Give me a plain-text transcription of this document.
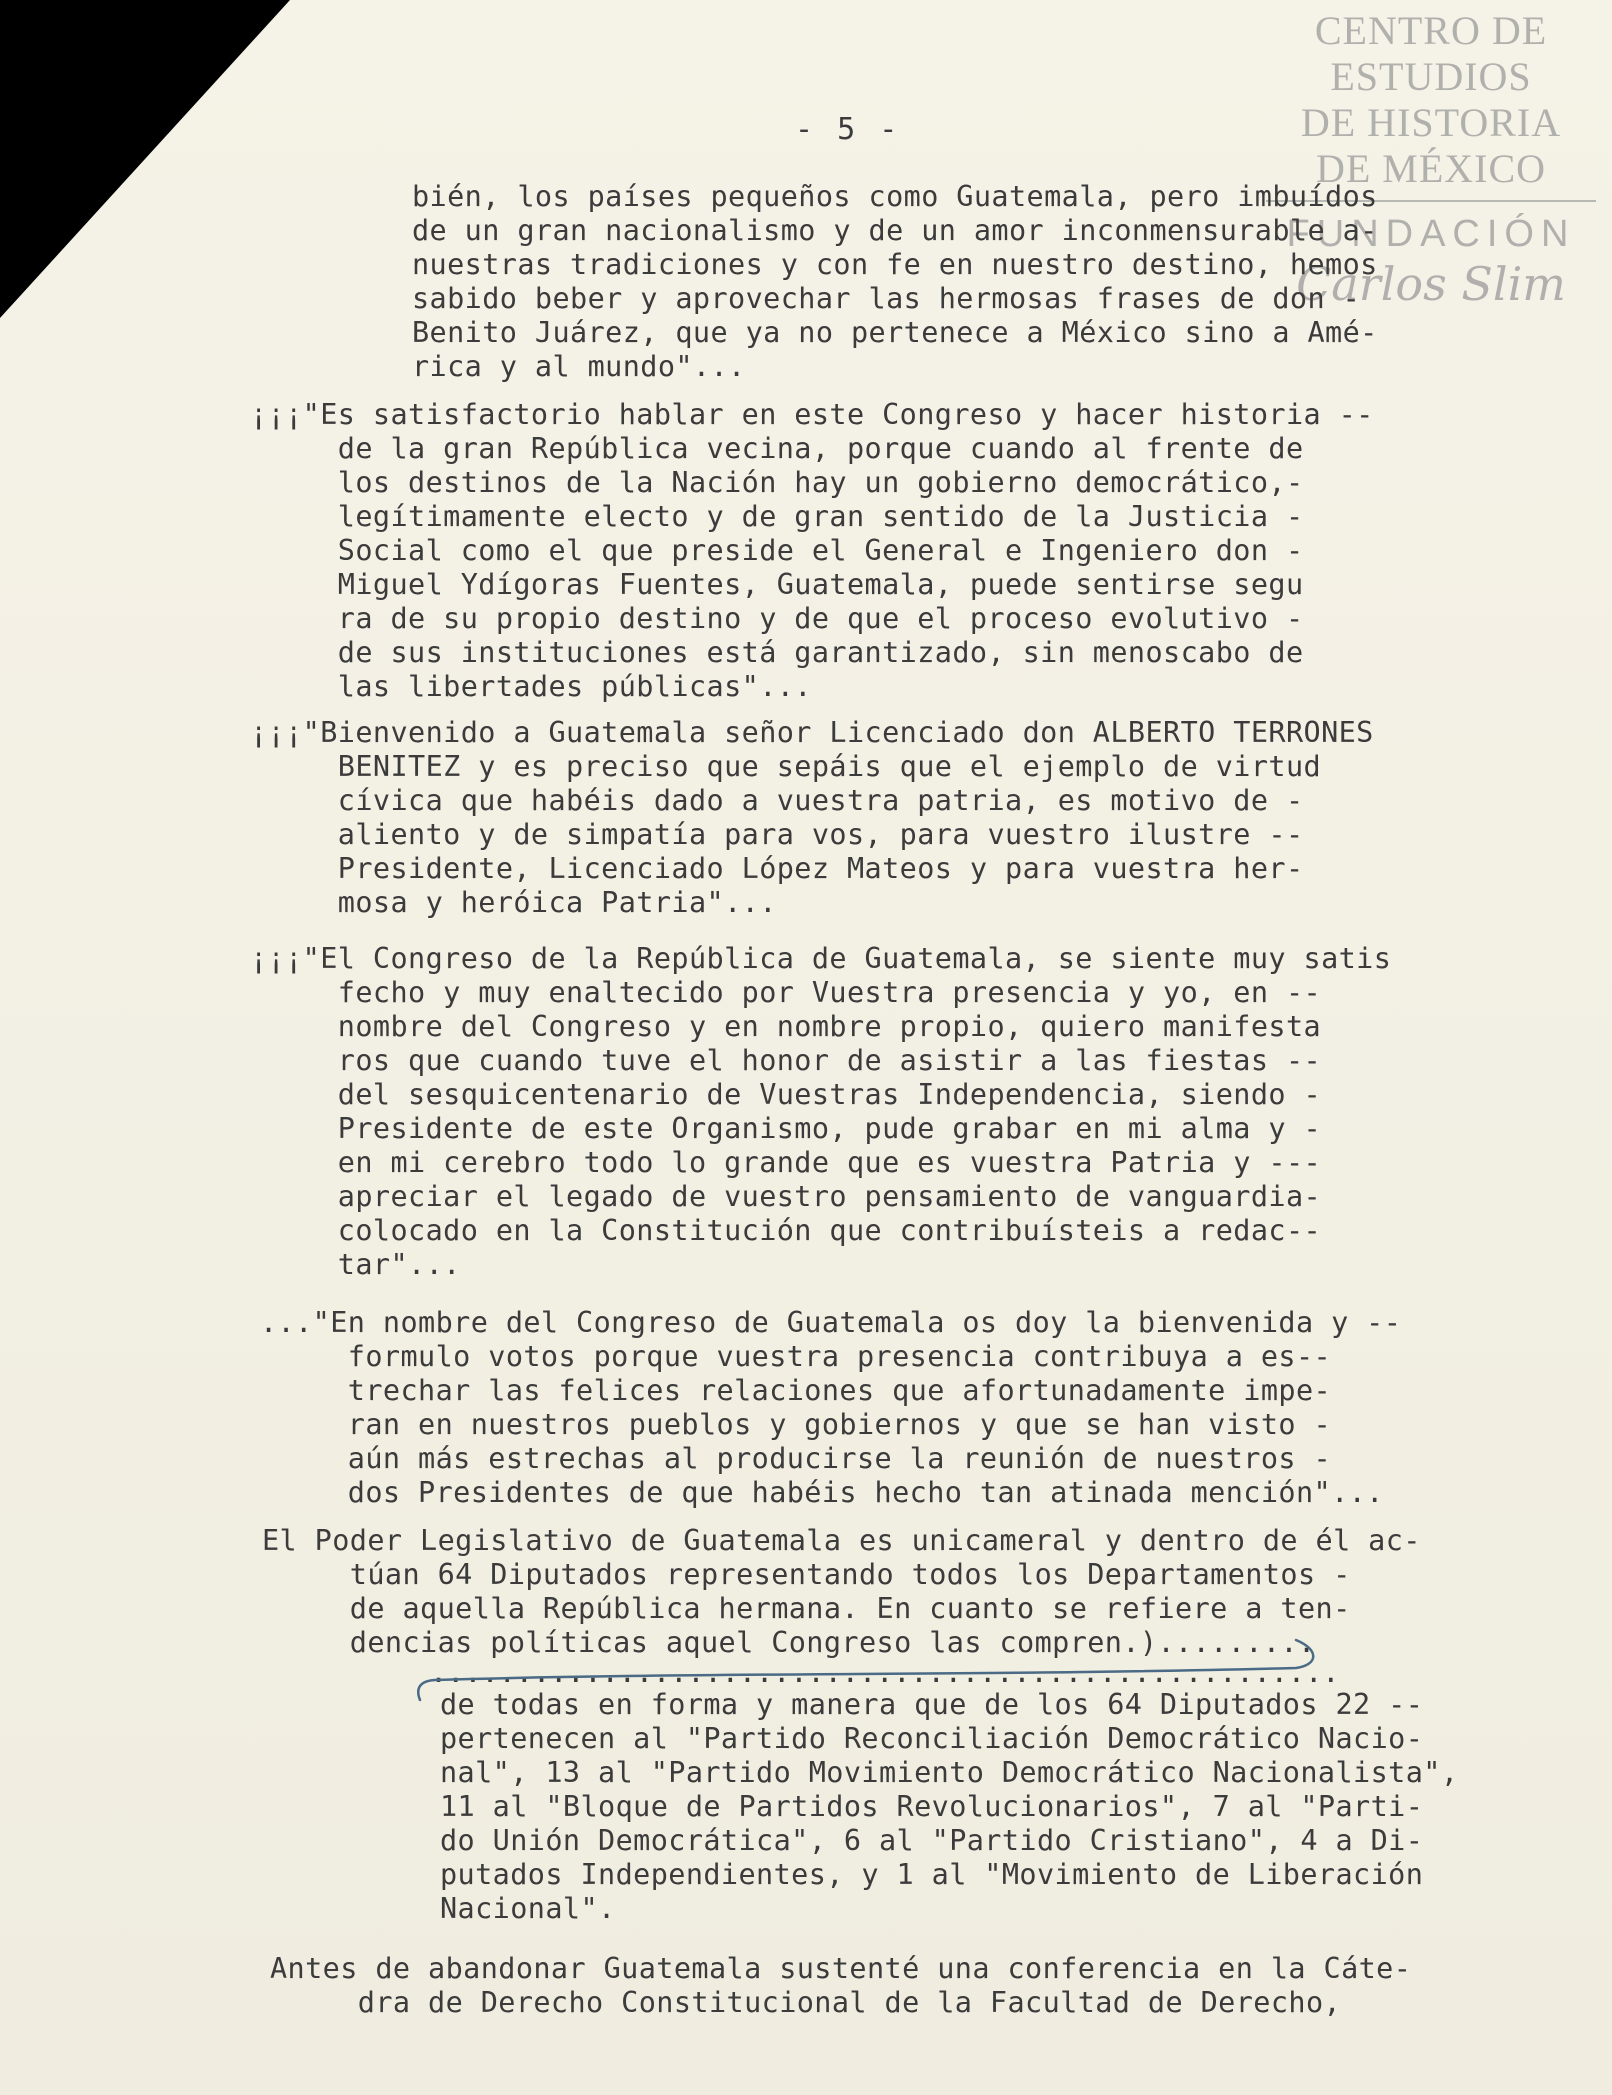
CENTRO DE
ESTUDIOS
DE HISTORIA
DE MÉXICO
FUNDACIÓN
Carlos Slim
- 5 -
bién, los países pequeños como Guatemala, pero imbuídos
de un gran nacionalismo y de un amor inconmensurable a-
nuestras tradiciones y con fe en nuestro destino, hemos
sabido beber y aprovechar las hermosas frases de don -
Benito Juárez, que ya no pertenece a México sino a Amé-
rica y al mundo"...
¡¡¡"Es satisfactorio hablar en este Congreso y hacer historia --
de la gran República vecina, porque cuando al frente de
los destinos de la Nación hay un gobierno democrático,-
legítimamente electo y de gran sentido de la Justicia -
Social como el que preside el General e Ingeniero don -
Miguel Ydígoras Fuentes, Guatemala, puede sentirse segu
ra de su propio destino y de que el proceso evolutivo -
de sus instituciones está garantizado, sin menoscabo de
las libertades públicas"...
¡¡¡"Bienvenido a Guatemala señor Licenciado don ALBERTO TERRONES
BENITEZ y es preciso que sepáis que el ejemplo de virtud
cívica que habéis dado a vuestra patria, es motivo de -
aliento y de simpatía para vos, para vuestro ilustre --
Presidente, Licenciado López Mateos y para vuestra her-
mosa y heróica Patria"...
¡¡¡"El Congreso de la República de Guatemala, se siente muy satis
fecho y muy enaltecido por Vuestra presencia y yo, en --
nombre del Congreso y en nombre propio, quiero manifesta
ros que cuando tuve el honor de asistir a las fiestas --
del sesquicentenario de Vuestras Independencia, siendo -
Presidente de este Organismo, pude grabar en mi alma y -
en mi cerebro todo lo grande que es vuestra Patria y ---
apreciar el legado de vuestro pensamiento de vanguardia-
colocado en la Constitución que contribuísteis a redac--
tar"...
..."En nombre del Congreso de Guatemala os doy la bienvenida y --
formulo votos porque vuestra presencia contribuya a es--
trechar las felices relaciones que afortunadamente impe-
ran en nuestros pueblos y gobiernos y que se han visto -
aún más estrechas al producirse la reunión de nuestros -
dos Presidentes de que habéis hecho tan atinada mención"...
El Poder Legislativo de Guatemala es unicameral y dentro de él ac-
túan 64 Diputados representando todos los Departamentos -
de aquella República hermana. En cuanto se refiere a ten-
dencias políticas aquel Congreso las compren.).........
.....................................................
de todas en forma y manera que de los 64 Diputados 22 --
pertenecen al "Partido Reconciliación Democrático Nacio-
nal", 13 al "Partido Movimiento Democrático Nacionalista",
11 al "Bloque de Partidos Revolucionarios", 7 al "Parti-
do Unión Democrática", 6 al "Partido Cristiano", 4 a Di-
putados Independientes, y 1 al "Movimiento de Liberación
Nacional".
Antes de abandonar Guatemala sustenté una conferencia en la Cáte-
dra de Derecho Constitucional de la Facultad de Derecho,
